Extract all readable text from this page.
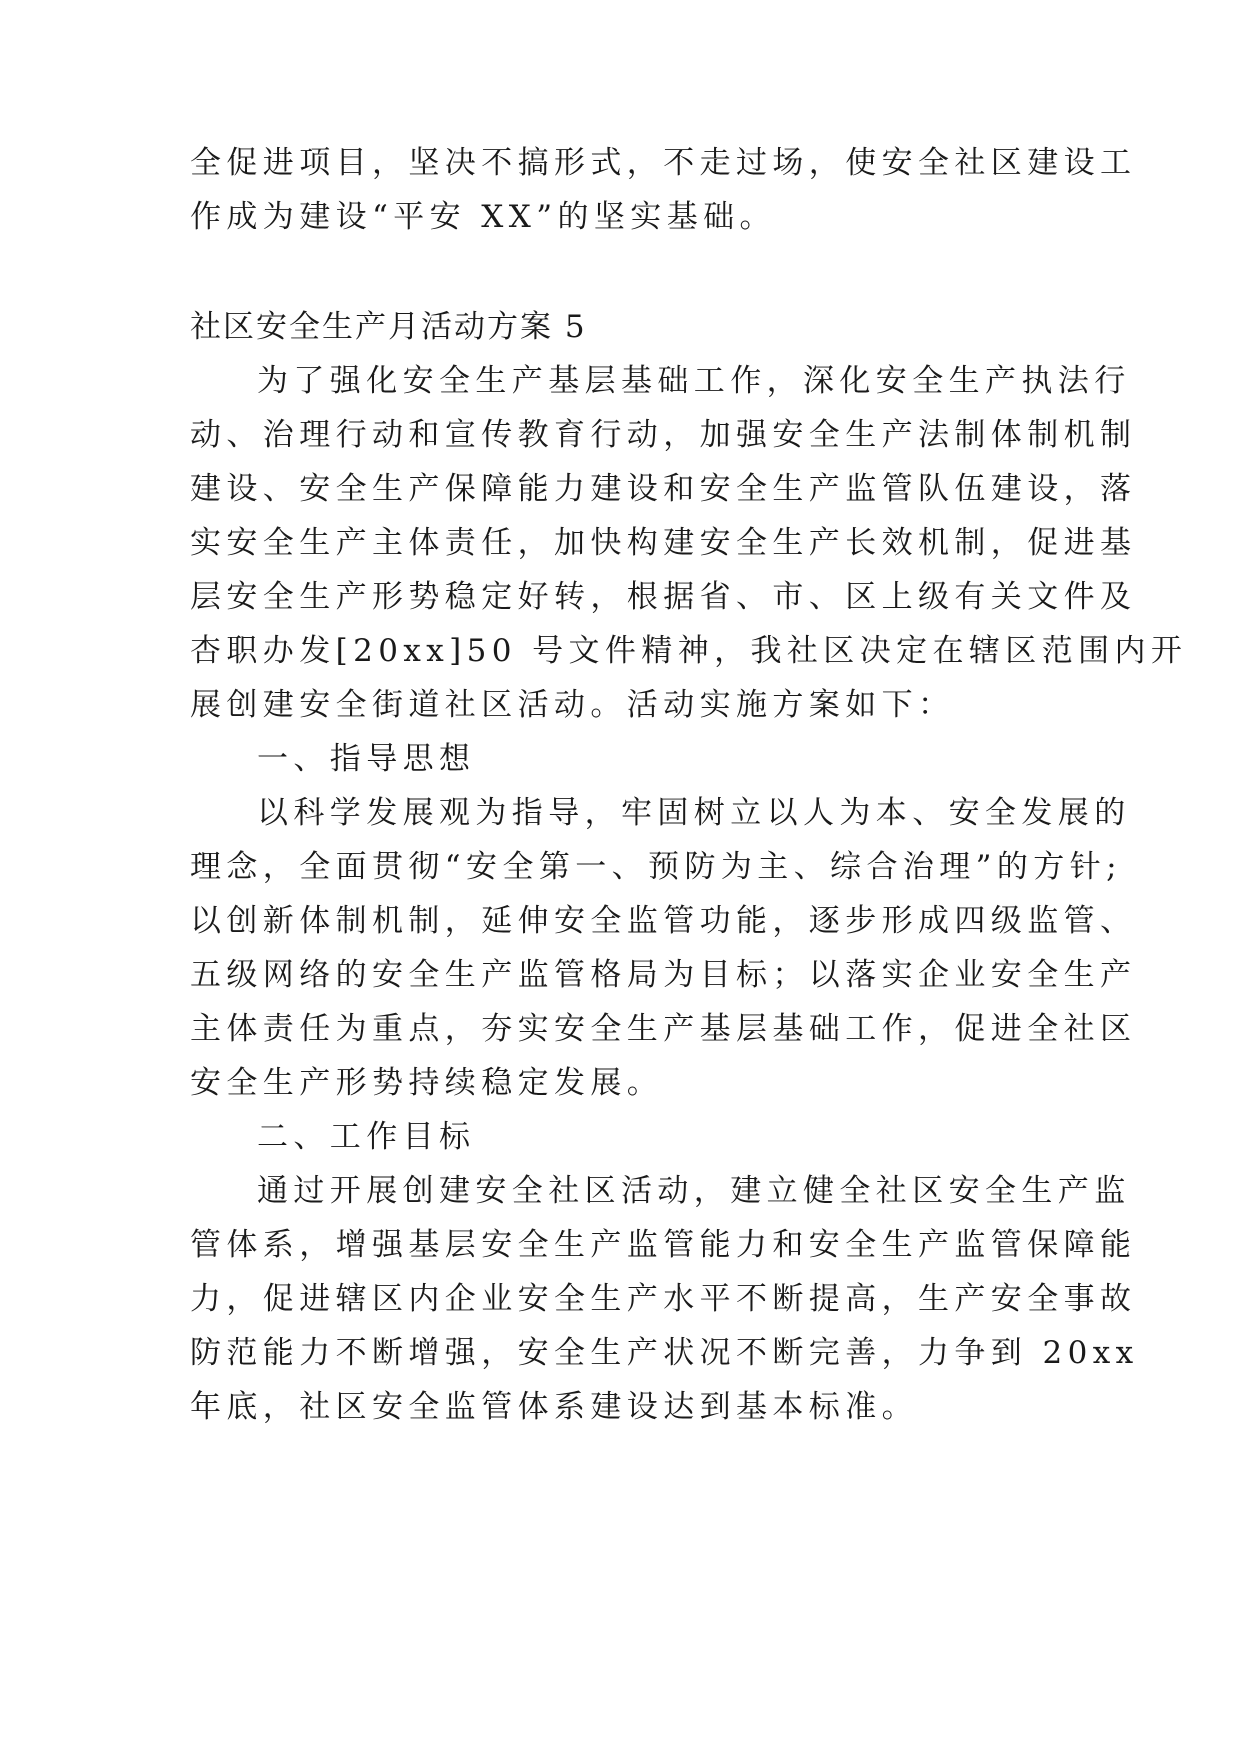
全促进项目，坚决不搞形式，不走过场，使安全社区建设工
作成为建设“平安 XX”的坚实基础。
社区安全生产月活动方案 5
为了强化安全生产基层基础工作，深化安全生产执法行
动、治理行动和宣传教育行动，加强安全生产法制体制机制
建设、安全生产保障能力建设和安全生产监管队伍建设，落
实安全生产主体责任，加快构建安全生产长效机制，促进基
层安全生产形势稳定好转，根据省、市、区上级有关文件及
杏职办发[20xx]50 号文件精神，我社区决定在辖区范围内开
展创建安全街道社区活动。活动实施方案如下：
一、指导思想
以科学发展观为指导，牢固树立以人为本、安全发展的
理念，全面贯彻“安全第一、预防为主、综合治理”的方针;
以创新体制机制，延伸安全监管功能，逐步形成四级监管、
五级网络的安全生产监管格局为目标；以落实企业安全生产
主体责任为重点，夯实安全生产基层基础工作，促进全社区
安全生产形势持续稳定发展。
二、工作目标
通过开展创建安全社区活动，建立健全社区安全生产监
管体系，增强基层安全生产监管能力和安全生产监管保障能
力，促进辖区内企业安全生产水平不断提高，生产安全事故
防范能力不断增强，安全生产状况不断完善，力争到 20xx
年底，社区安全监管体系建设达到基本标准。
